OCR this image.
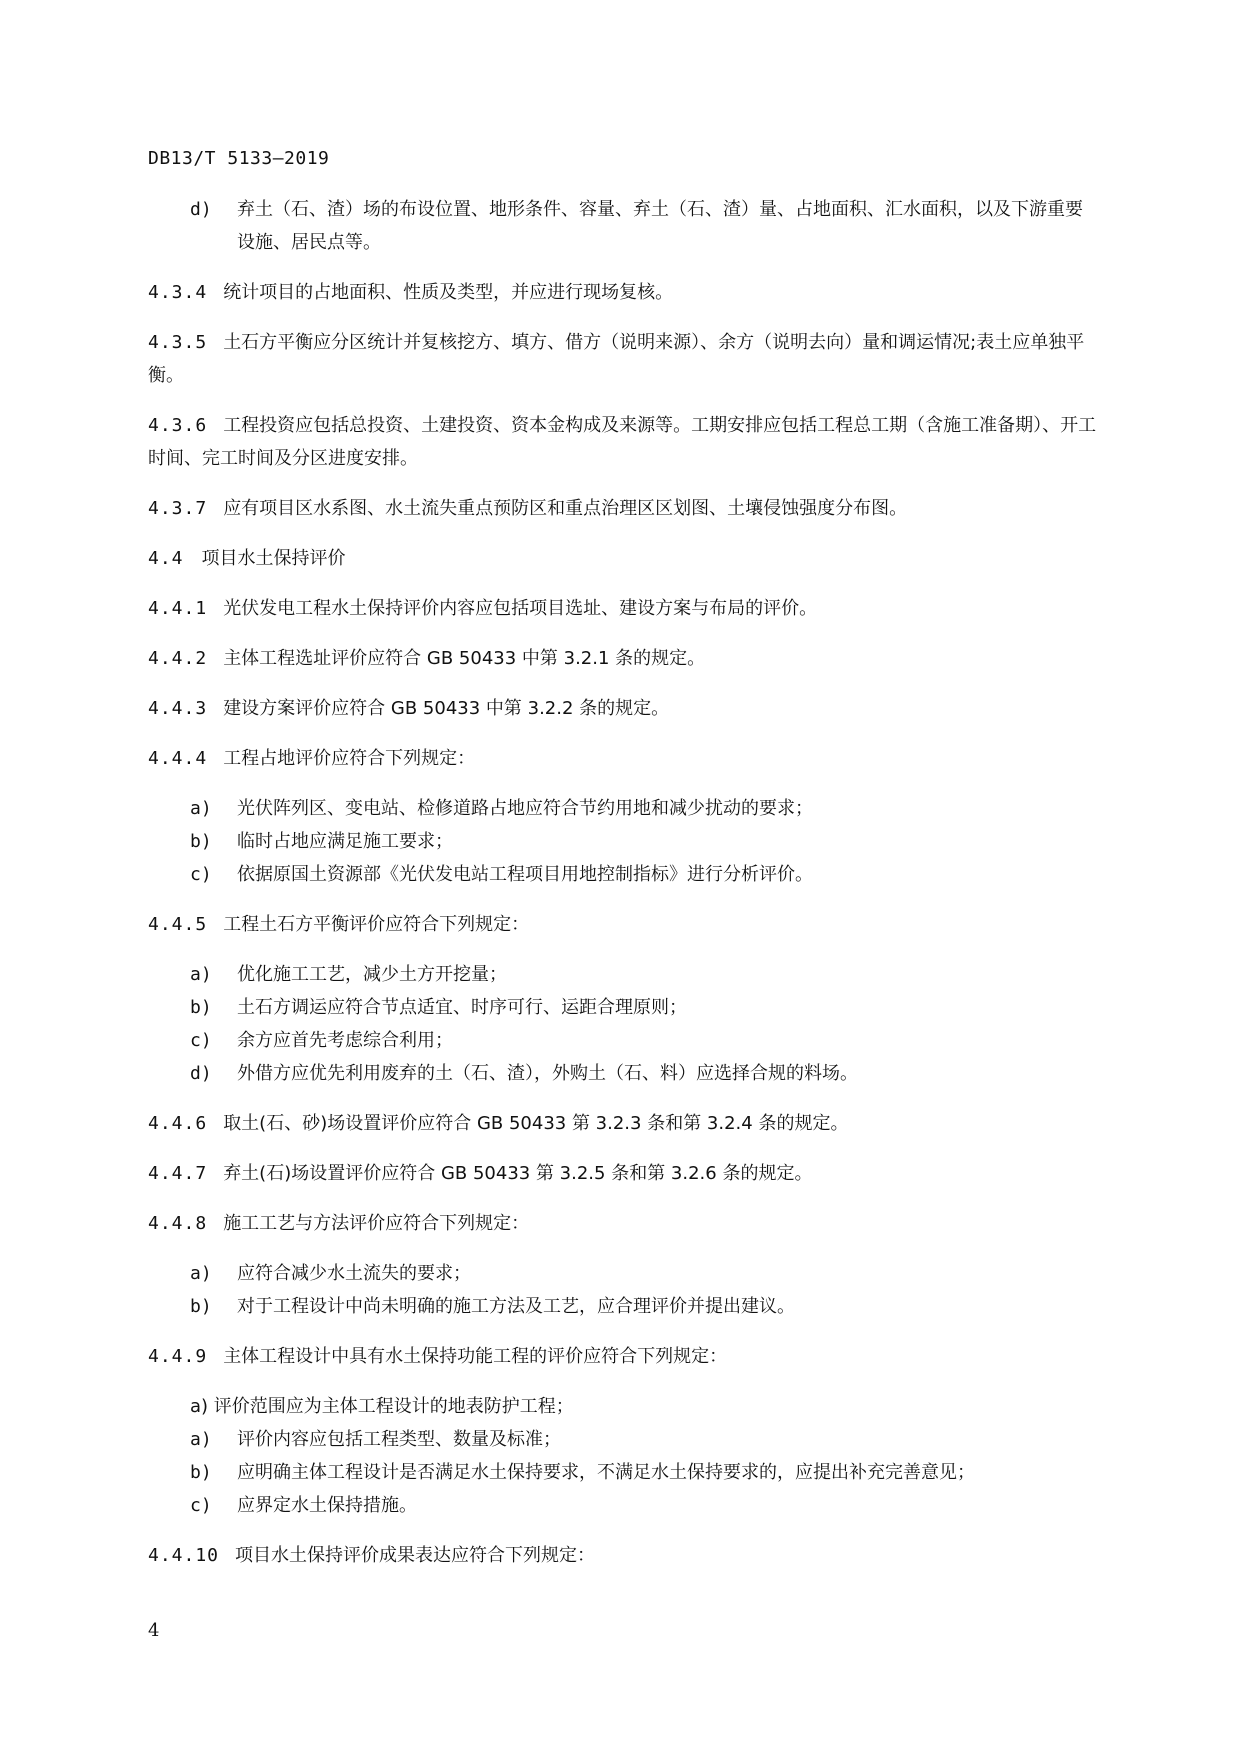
DB13/T 5133—2019
d) 弃土（石、渣）场的布设位置、地形条件、容量、弃土（石、渣）量、占地面积、汇水面积，以及下游重要设施、居民点等。
4.3.4 统计项目的占地面积、性质及类型，并应进行现场复核。
4.3.5 土石方平衡应分区统计并复核挖方、填方、借方（说明来源）、余方（说明去向）量和调运情况;表土应单独平衡。
4.3.6 工程投资应包括总投资、土建投资、资本金构成及来源等。工期安排应包括工程总工期（含施工准备期）、开工时间、完工时间及分区进度安排。
4.3.7 应有项目区水系图、水土流失重点预防区和重点治理区区划图、土壤侵蚀强度分布图。
4.4 项目水土保持评价
4.4.1 光伏发电工程水土保持评价内容应包括项目选址、建设方案与布局的评价。
4.4.2 主体工程选址评价应符合 GB 50433 中第 3.2.1 条的规定。
4.4.3 建设方案评价应符合 GB 50433 中第 3.2.2 条的规定。
4.4.4 工程占地评价应符合下列规定：
a) 光伏阵列区、变电站、检修道路占地应符合节约用地和减少扰动的要求；
b) 临时占地应满足施工要求；
c) 依据原国土资源部《光伏发电站工程项目用地控制指标》进行分析评价。
4.4.5 工程土石方平衡评价应符合下列规定：
a) 优化施工工艺，减少土方开挖量；
b) 土石方调运应符合节点适宜、时序可行、运距合理原则；
c) 余方应首先考虑综合利用；
d) 外借方应优先利用废弃的土（石、渣），外购土（石、料）应选择合规的料场。
4.4.6 取土(石、砂)场设置评价应符合 GB 50433 第 3.2.3 条和第 3.2.4 条的规定。
4.4.7 弃土(石)场设置评价应符合 GB 50433 第 3.2.5 条和第 3.2.6 条的规定。
4.4.8 施工工艺与方法评价应符合下列规定：
a) 应符合减少水土流失的要求；
b) 对于工程设计中尚未明确的施工方法及工艺，应合理评价并提出建议。
4.4.9 主体工程设计中具有水土保持功能工程的评价应符合下列规定：
a) 评价范围应为主体工程设计的地表防护工程；
a) 评价内容应包括工程类型、数量及标准；
b) 应明确主体工程设计是否满足水土保持要求，不满足水土保持要求的，应提出补充完善意见；
c) 应界定水土保持措施。
4.4.10 项目水土保持评价成果表达应符合下列规定：
4
